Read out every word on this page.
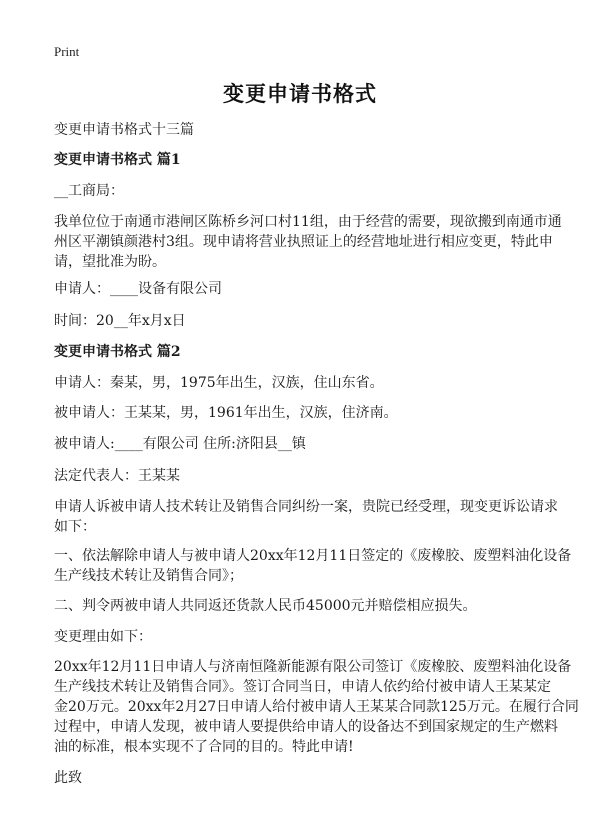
Print
变更申请书格式
变更申请书格式十三篇
变更申请书格式 篇1
__工商局：
我单位位于南通市港闸区陈桥乡河口村11组，由于经营的需要，现欲搬到南通市通
州区平潮镇颜港村3组。现申请将营业执照证上的经营地址进行相应变更，特此申
请，望批准为盼。
申请人：____设备有限公司
时间：20__年x月x日
变更申请书格式 篇2
申请人：秦某，男，1975年出生，汉族，住山东省。
被申请人：王某某，男，1961年出生，汉族，住济南。
被申请人:____有限公司 住所:济阳县__镇
法定代表人：王某某
申请人诉被申请人技术转让及销售合同纠纷一案，贵院已经受理，现变更诉讼请求
如下：
一、依法解除申请人与被申请人20xx年12月11日签定的《废橡胶、废塑料油化设备
生产线技术转让及销售合同》；
二、判令两被申请人共同返还货款人民币45000元并赔偿相应损失。
变更理由如下：
20xx年12月11日申请人与济南恒隆新能源有限公司签订《废橡胶、废塑料油化设备
生产线技术转让及销售合同》。签订合同当日，申请人依约给付被申请人王某某定
金20万元。20xx年2月27日申请人给付被申请人王某某合同款125万元。在履行合同
过程中，申请人发现，被申请人要提供给申请人的设备达不到国家规定的生产燃料
油的标准，根本实现不了合同的目的。特此申请!
此致
